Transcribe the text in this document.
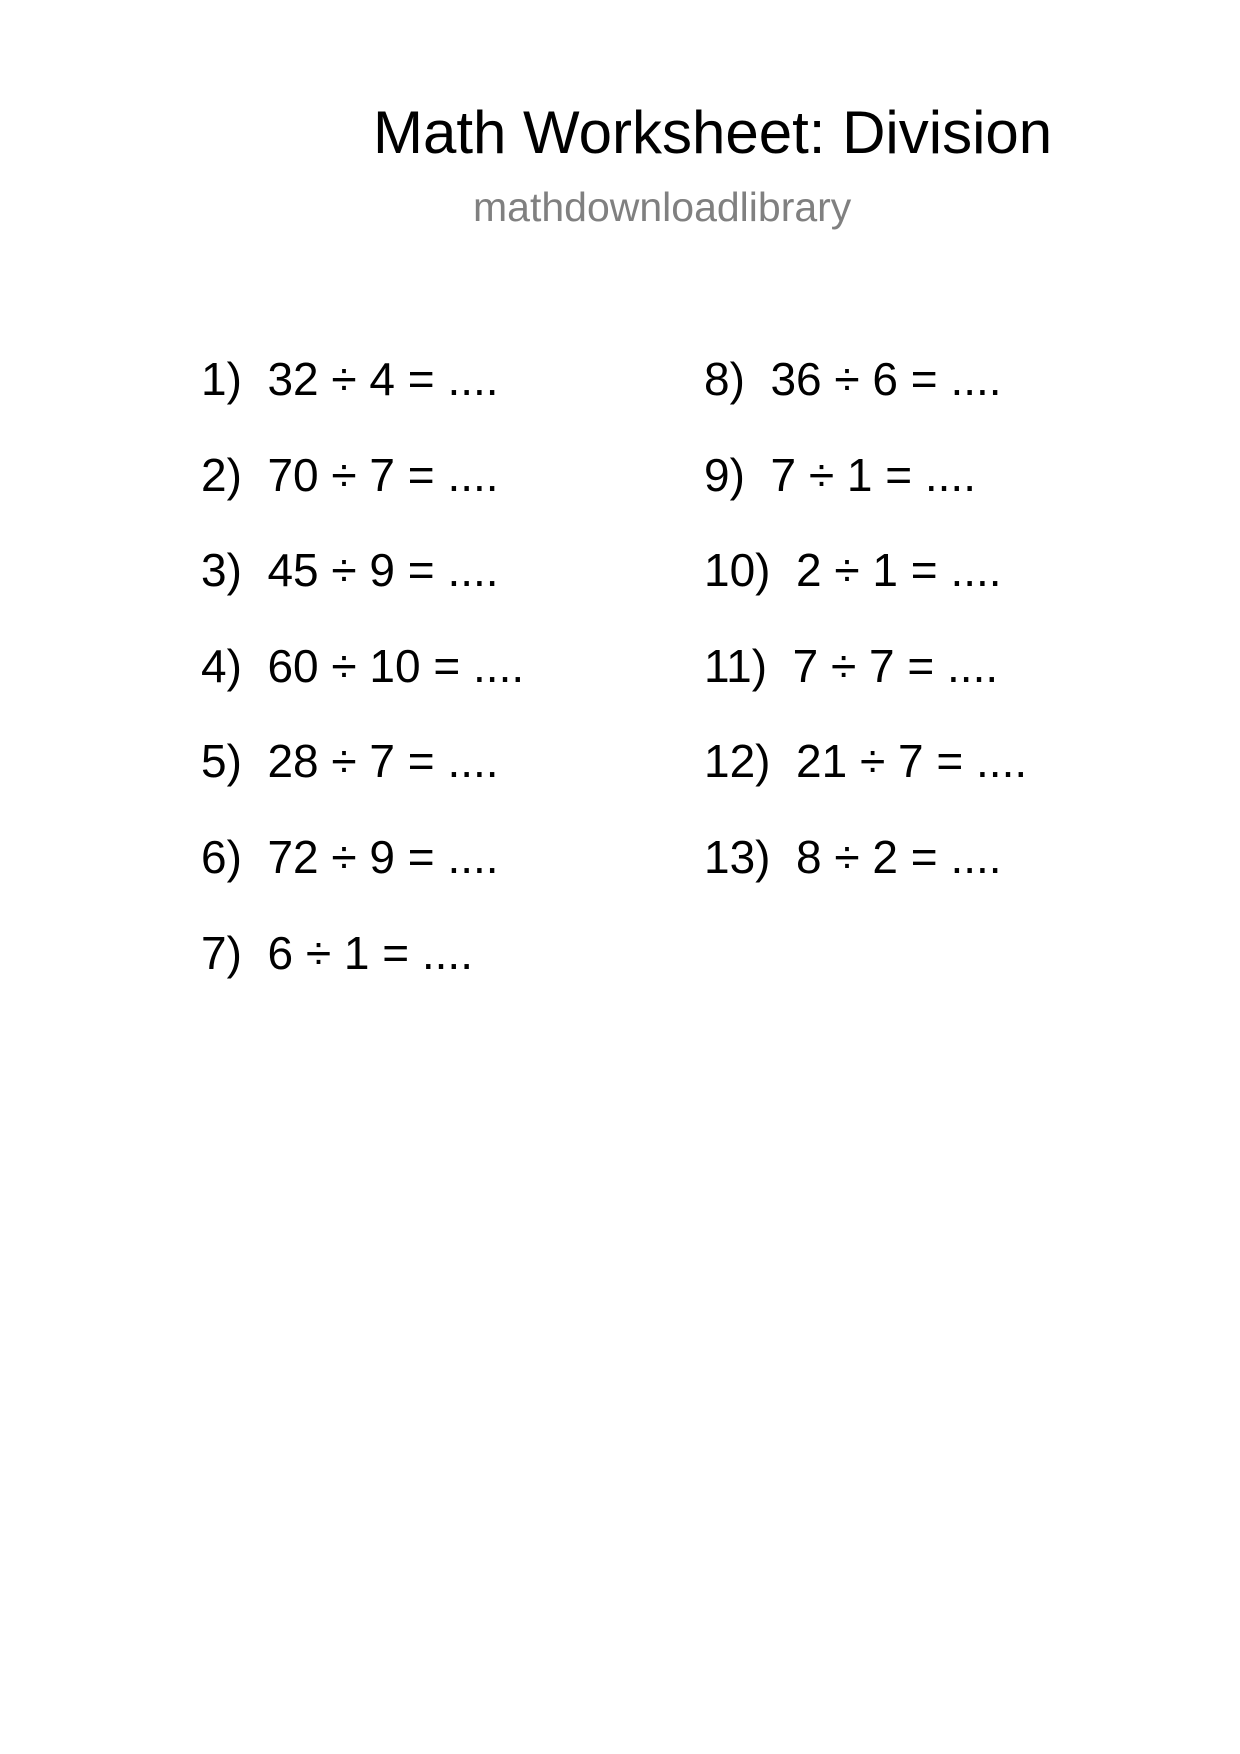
Math Worksheet: Division
mathdownloadlibrary
1)  32 ÷ 4 = ....
2)  70 ÷ 7 = ....
3)  45 ÷ 9 = ....
4)  60 ÷ 10 = ....
5)  28 ÷ 7 = ....
6)  72 ÷ 9 = ....
7)  6 ÷ 1 = ....
8)  36 ÷ 6 = ....
9)  7 ÷ 1 = ....
10)  2 ÷ 1 = ....
11)  7 ÷ 7 = ....
12)  21 ÷ 7 = ....
13)  8 ÷ 2 = ....
